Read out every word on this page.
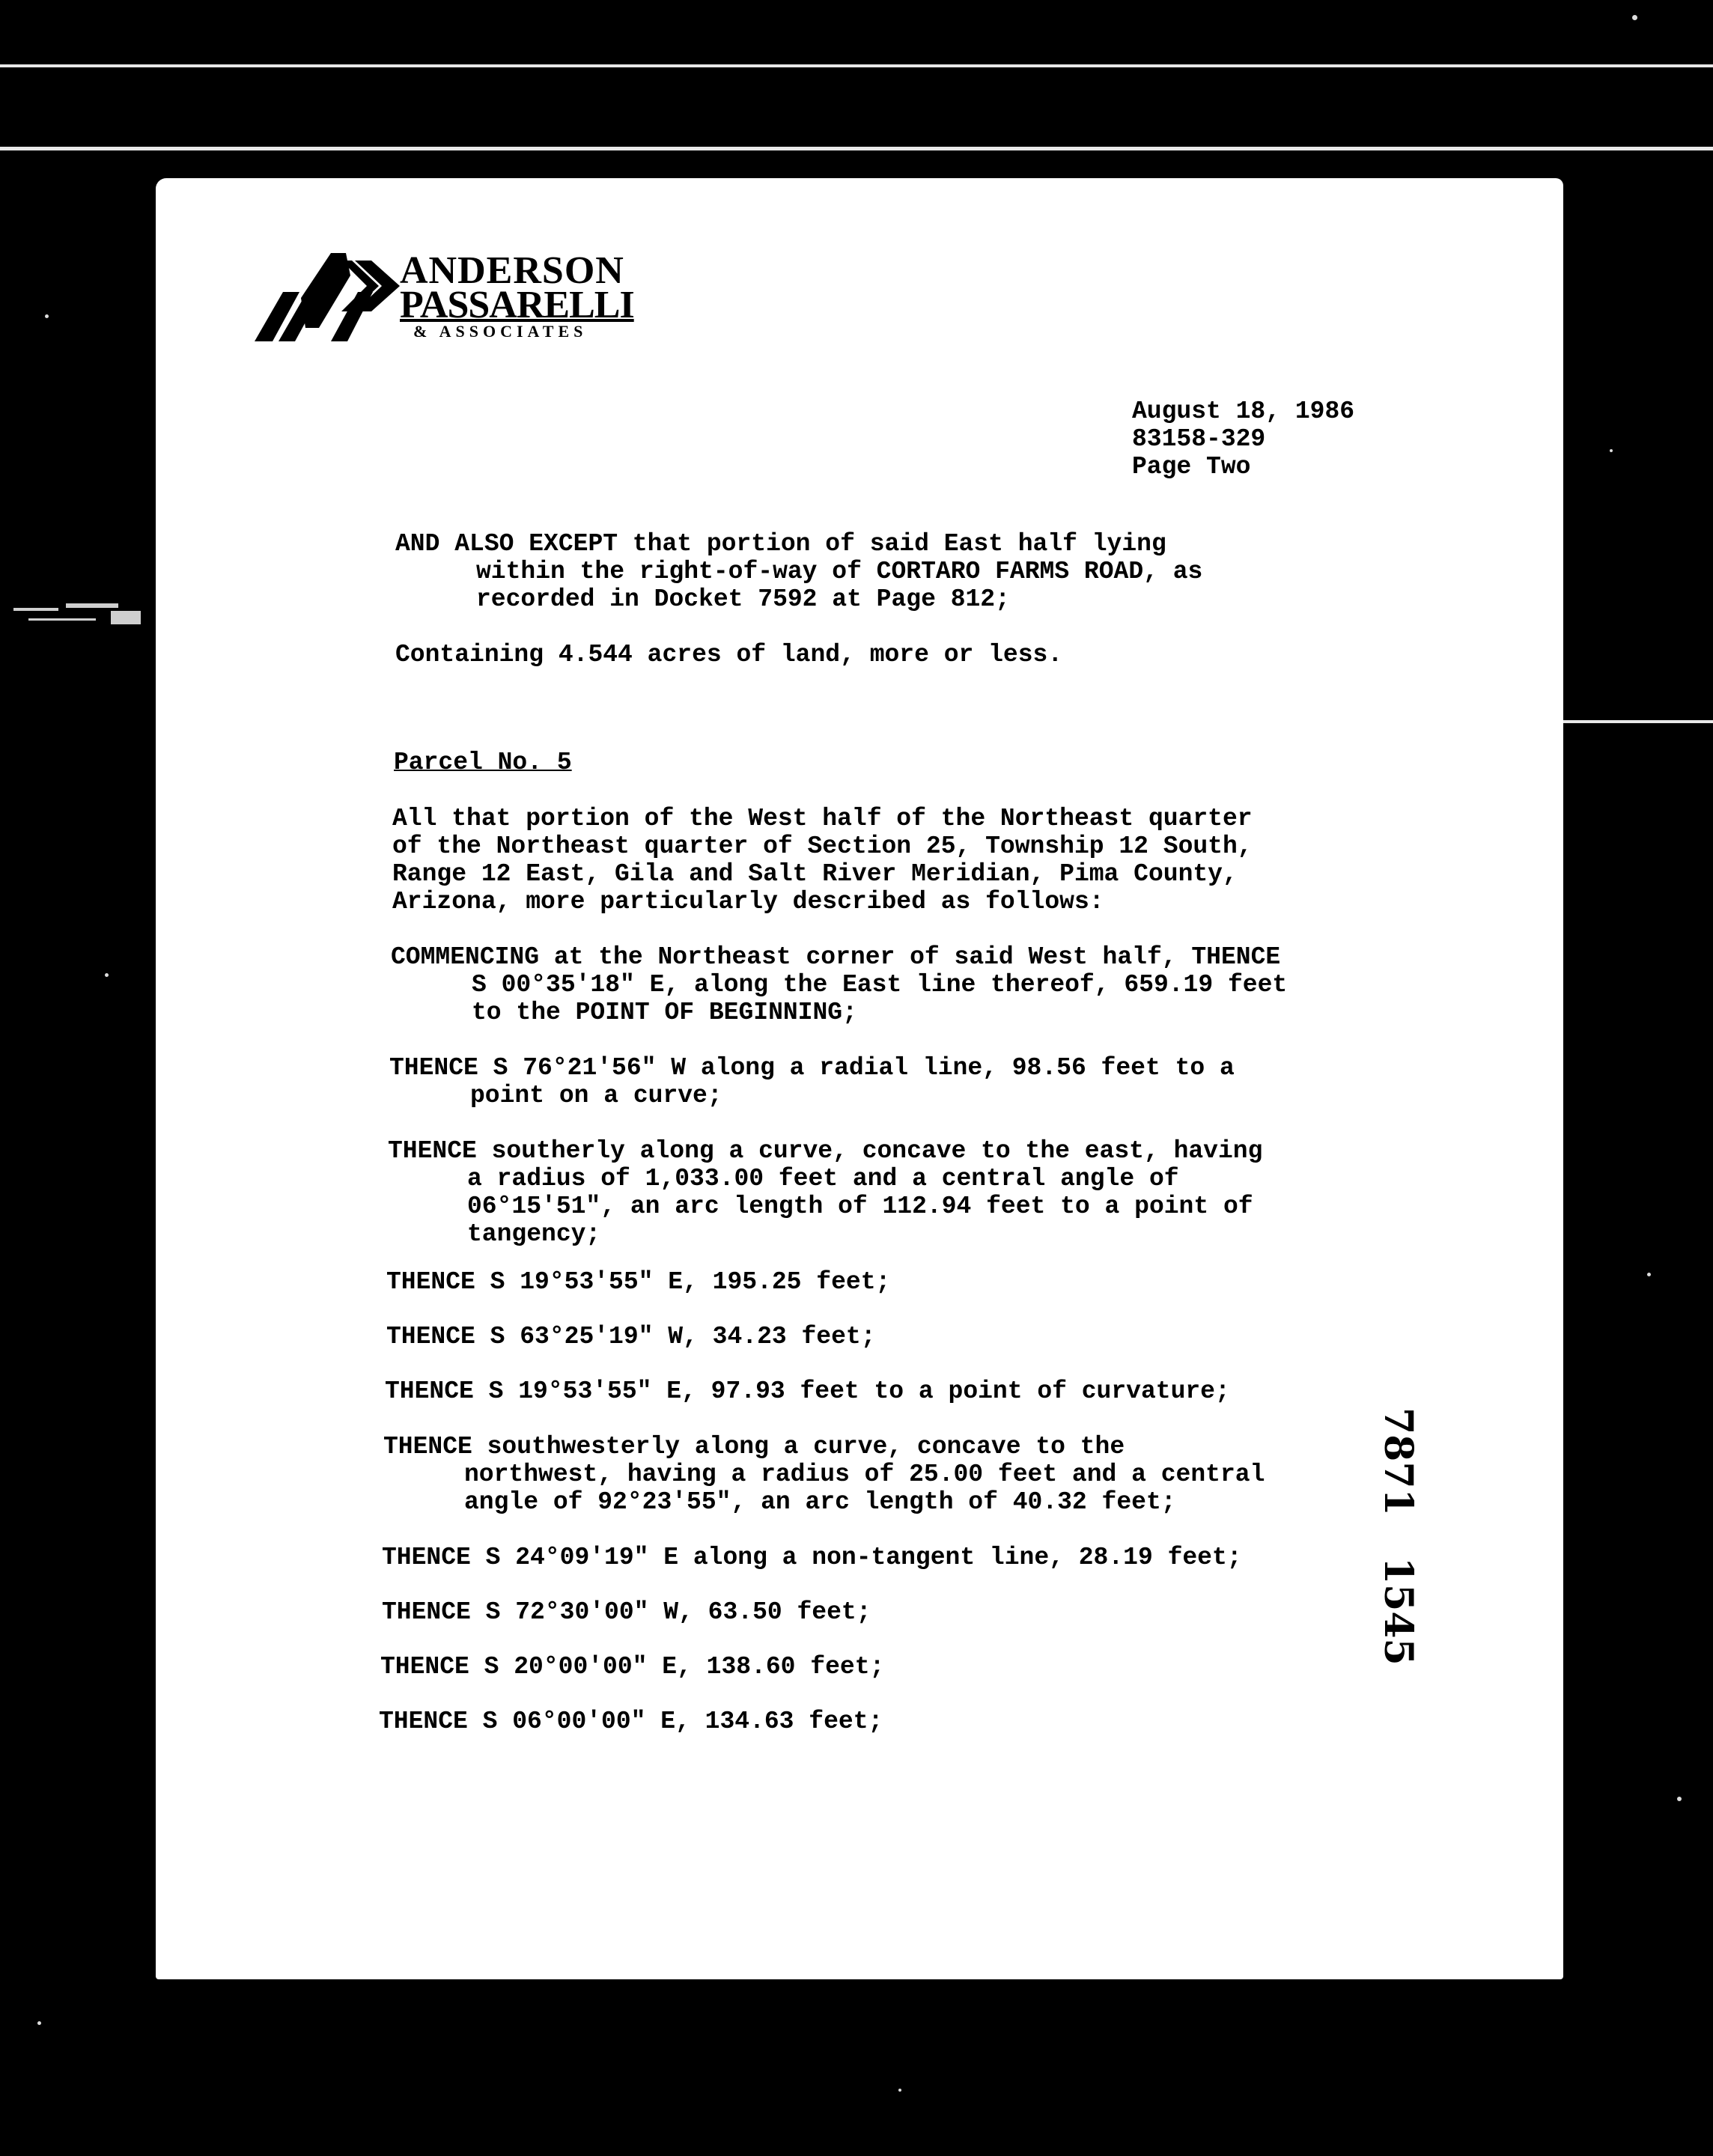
ANDERSON
PASSARELLI
& ASSOCIATES
August 18, 1986
83158-329
Page Two
AND ALSO EXCEPT that portion of said East half lying
within the right-of-way of CORTARO FARMS ROAD, as
recorded in Docket 7592 at Page 812;
Containing 4.544 acres of land, more or less.
Parcel No. 5
All that portion of the West half of the Northeast quarter
of the Northeast quarter of Section 25, Township 12 South,
Range 12 East, Gila and Salt River Meridian, Pima County,
Arizona, more particularly described as follows:
COMMENCING at the Northeast corner of said West half, THENCE
S 00°35'18" E, along the East line thereof, 659.19 feet
to the POINT OF BEGINNING;
THENCE S 76°21'56" W along a radial line, 98.56 feet to a
point on a curve;
THENCE southerly along a curve, concave to the east, having
a radius of 1,033.00 feet and a central angle of
06°15'51", an arc length of 112.94 feet to a point of
tangency;
THENCE S 19°53'55" E, 195.25 feet;
THENCE S 63°25'19" W, 34.23 feet;
THENCE S 19°53'55" E, 97.93 feet to a point of curvature;
THENCE southwesterly along a curve, concave to the
northwest, having a radius of 25.00 feet and a central
angle of 92°23'55", an arc length of 40.32 feet;
THENCE S 24°09'19" E along a non-tangent line, 28.19 feet;
THENCE S 72°30'00" W, 63.50 feet;
THENCE S 20°00'00" E, 138.60 feet;
THENCE S 06°00'00" E, 134.63 feet;
7871
1545
